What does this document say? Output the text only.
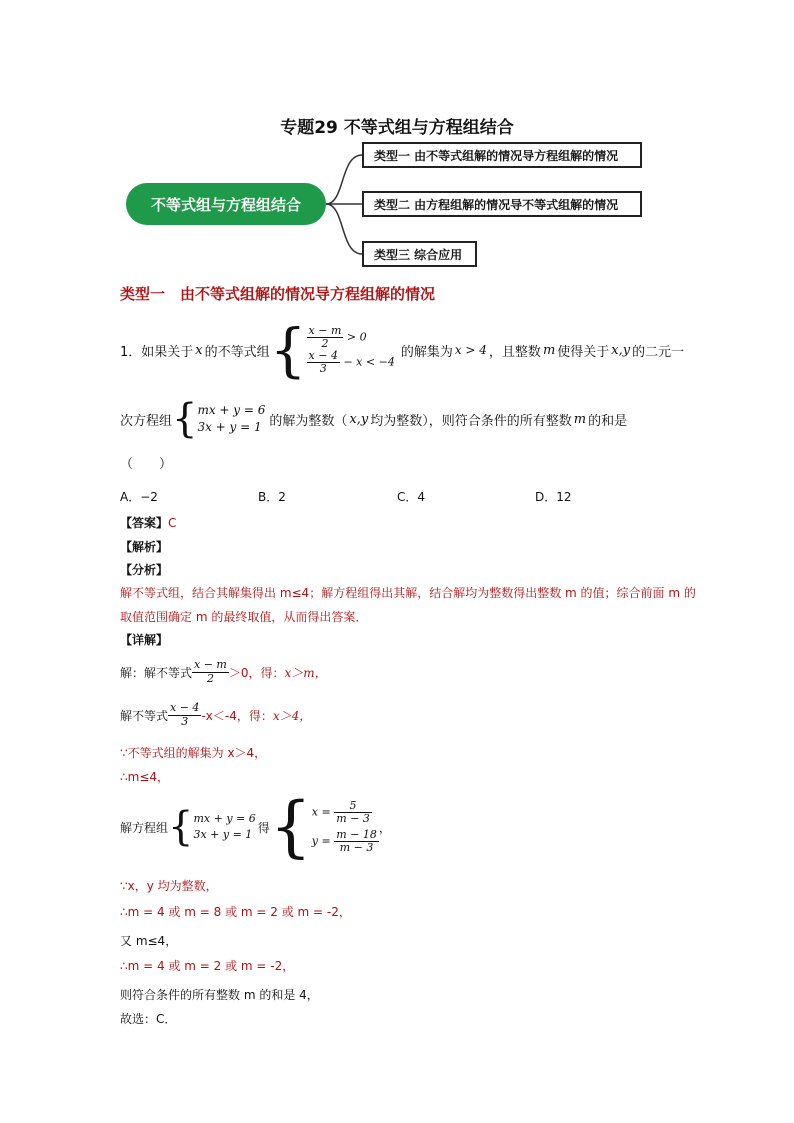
专题29 不等式组与方程组结合
不等式组与方程组结合
类型一 由不等式组解的情况导方程组解的情况
类型二 由方程组解的情况导不等式组解的情况
类型三 综合应用
类型一　由不等式组解的情况导方程组解的情况
1．如果关于 x 的不等式组 { $\frac{x - m}{2} > 0$
$\frac{x - 4}{3} - x < -4$
的解集为 x > 4 ，且整数 m 使得关于 x,y 的二元一
次方程组 { mx + y = 6
3x + y = 1 的解为整数（ x,y 均为整数），则符合条件的所有整数 m 的和是
（　　）
A．−2	B．2	C．4	D．12
【答案】C
【解析】
【分析】
解不等式组，结合其解集得出 m≤4；解方程组得出其解，结合解均为整数得出整数 m 的值；综合前面 m 的
取值范围确定 m 的最终取值，从而得出答案．
【详解】
解：解不等式 $\frac{x - m}{2} >0$，得： x＞m，
解不等式 $\frac{x - 4}{3} -x<-4$，得： x＞4，
∵不等式组的解集为 x＞4，
∴m≤4，
解方程组 { mx + y = 6
3x + y = 1 得 { $x = \frac{5}{m - 3}$
$y = \frac{m - 18}{m - 3}$
，
∵x，y 均为整数，
∴m = 4 或 m = 8 或 m = 2 或 m = -2，
又 m≤4，
∴m = 4 或 m = 2 或 m = -2，
则符合条件的所有整数 m 的和是 4，
故选：C．
